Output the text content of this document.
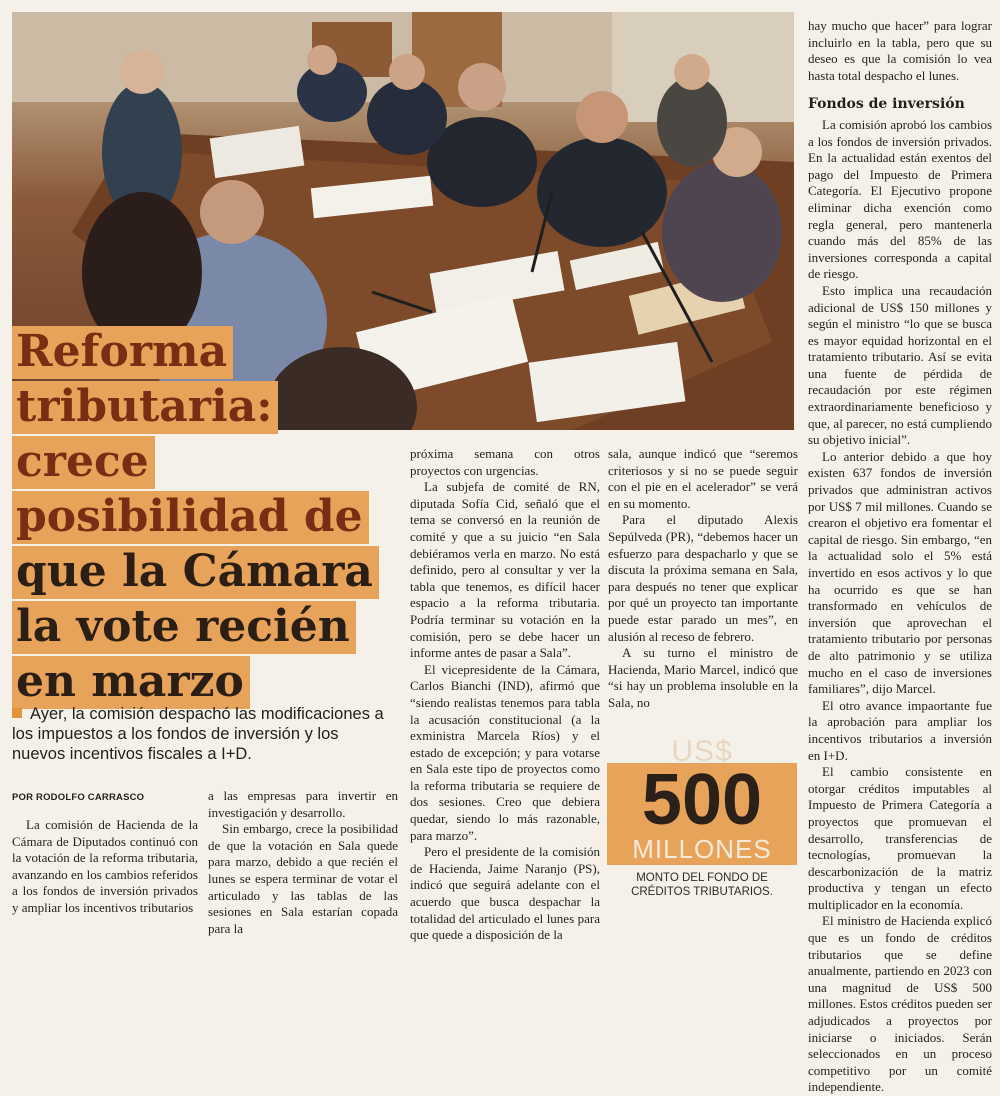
Reforma
tributaria: crece
posibilidad de
que la Cámara
la vote recién
en marzo
Ayer, la comisión despachó las modificaciones a los impuestos a los fondos de inversión y los nuevos incentivos fiscales a I+D.
POR RODOLFO CARRASCO

La comisión de Hacienda de la Cámara de Diputados continuó con la votación de la reforma tributaria, avanzando en los cambios referidos a los fondos de inversión privados y ampliar los incentivos tributarios

a las empresas para invertir en investigación y desarrollo.

Sin embargo, crece la posibilidad de que la votación en Sala quede para marzo, debido a que recién el lunes se espera terminar de votar el articulado y las tablas de las sesiones en Sala estarían copada para la

próxima semana con otros proyectos con urgencias.

La subjefa de comité de RN, diputada Sofía Cid, señaló que el tema se conversó en la reunión de comité y que a su juicio “en Sala debiéramos verla en marzo. No está definido, pero al consultar y ver la tabla que tenemos, es difícil hacer espacio a la reforma tributaria. Podría terminar su votación en la comisión, pero se debe hacer un informe antes de pasar a Sala”.

El vicepresidente de la Cámara, Carlos Bianchi (IND), afirmó que “siendo realistas tenemos para tabla la acusación constitucional (a la exministra Marcela Ríos) y el estado de excepción; y para votarse en Sala este tipo de proyectos como la reforma tributaria se requiere de dos sesiones. Creo que debiera quedar, siendo lo más razonable, para marzo”.

Pero el presidente de la comisión de Hacienda, Jaime Naranjo (PS), indicó que seguirá adelante con el acuerdo que busca despachar la totalidad del articulado el lunes para que quede a disposición de la

sala, aunque indicó que “seremos criteriosos y si no se puede seguir con el pie en el acelerador” se verá en su momento.

Para el diputado Alexis Sepúlveda (PR), “debemos hacer un esfuerzo para despacharlo y que se discuta la próxima semana en Sala, para después no tener que explicar por qué un proyecto tan importante puede estar parado un mes”, en alusión al receso de febrero.

A su turno el ministro de Hacienda, Mario Marcel, indicó que “si hay un problema insoluble en la Sala, no

US$
500
MILLONES
MONTO DEL FONDO DE CRÉDITOS TRIBUTARIOS.

hay mucho que hacer” para lograr incluirlo en la tabla, pero que su deseo es que la comisión lo vea hasta total despacho el lunes.

Fondos de inversión

La comisión aprobó los cambios a los fondos de inversión privados. En la actualidad están exentos del pago del Impuesto de Primera Categoría. El Ejecutivo propone eliminar dicha exención como regla general, pero mantenerla cuando más del 85% de las inversiones corresponda a capital de riesgo.

Esto implica una recaudación adicional de US$ 150 millones y según el ministro “lo que se busca es mayor equidad horizontal en el tratamiento tributario. Así se evita una fuente de pérdida de recaudación por este régimen extraordinariamente beneficioso y que, al parecer, no está cumpliendo su objetivo inicial”.

Lo anterior debido a que hoy existen 637 fondos de inversión privados que administran activos por US$ 7 mil millones. Cuando se crearon el objetivo era fomentar el capital de riesgo. Sin embargo, “en la actualidad solo el 5% está invertido en esos activos y lo que ha ocurrido es que se han transformado en vehículos de inversión que aprovechan el tratamiento tributario por personas de alto patrimonio y se utiliza mucho en el caso de inversiones familiares”, dijo Marcel.

El otro avance impaortante fue la aprobación para ampliar los incentivos tributarios a inversión en I+D.

El cambio consistente en otorgar créditos imputables al Impuesto de Primera Categoría a proyectos que promuevan el desarrollo, transferencias de tecnologías, promuevan la descarbonización de la matriz productiva y tengan un efecto multiplicador en la economía.

El ministro de Hacienda explicó que es un fondo de créditos tributarios que se define anualmente, partiendo en 2023 con una magnitud de US$ 500 millones. Estos créditos pueden ser adjudicados a proyectos por iniciarse o iniciados. Serán seleccionados en un proceso competitivo por un comité independiente.
